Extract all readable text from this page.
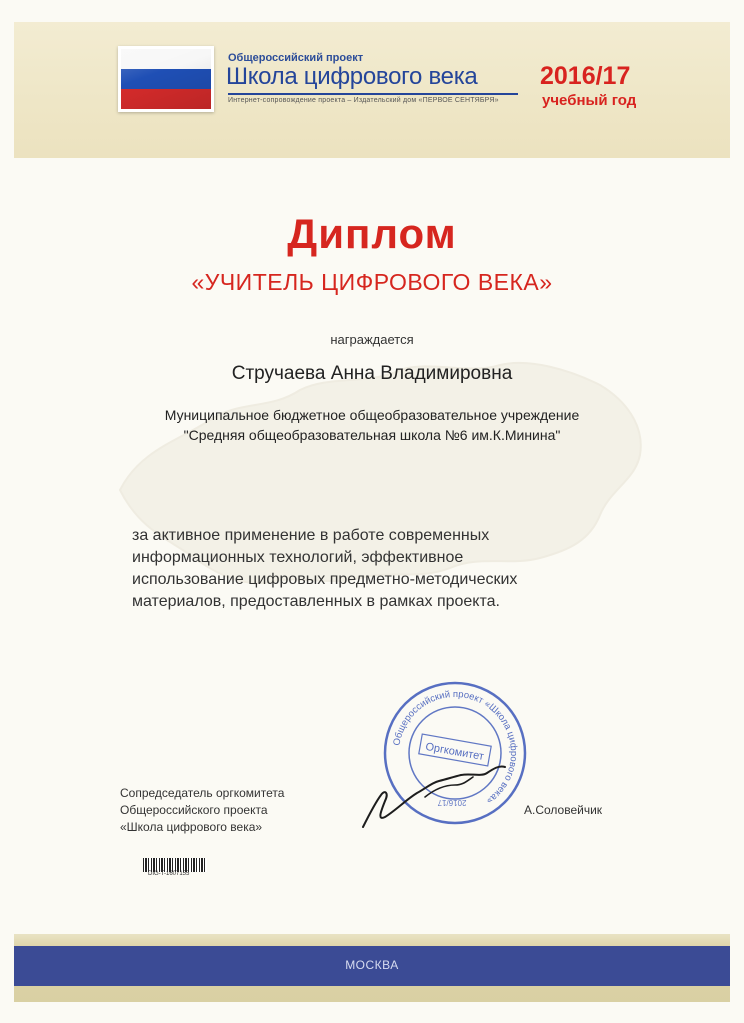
Общероссийский проект
Школа цифрового века
Интернет-сопровождение проекта – Издательский дом «ПЕРВОЕ СЕНТЯБРЯ»
2016/17
учебный год
Диплом
«УЧИТЕЛЬ ЦИФРОВОГО ВЕКА»
награждается
Стручаева Анна Владимировна
Муниципальное бюджетное общеобразовательное учреждение
"Средняя общеобразовательная школа №6 им.К.Минина"
за активное применение в работе современных
информационных технологий, эффективное
использование цифровых предметно-методических
материалов, предоставленных в рамках проекта.
Общероссийский проект «Школа цифрового века»
Оргкомитет
2016/17
Сопредседатель оргкомитета
Общероссийского проекта
«Школа цифрового века»
А.Соловейчик
DIG-T-1607155
МОСКВА
